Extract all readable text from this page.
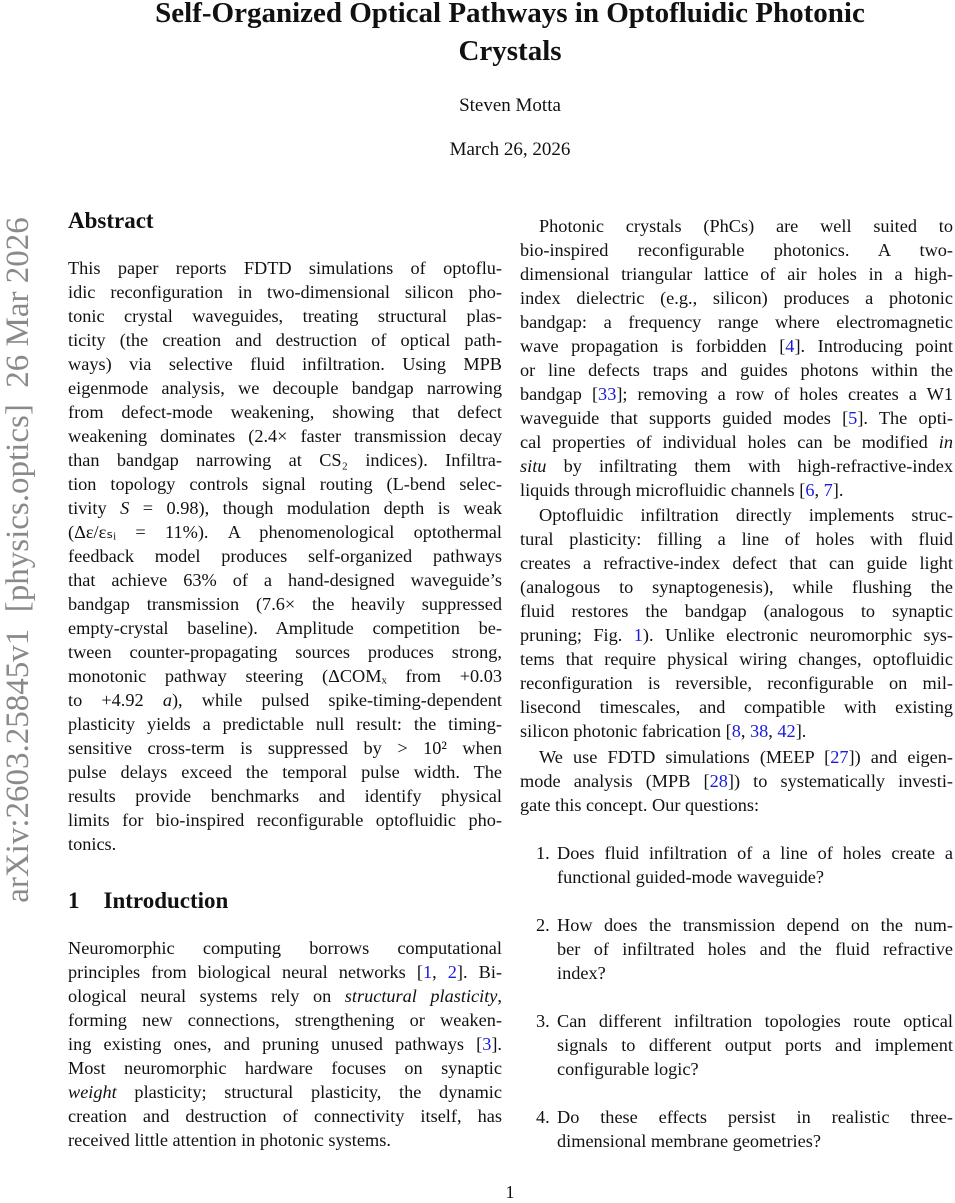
arXiv:2603.25845v1  [physics.optics]  26 Mar 2026
Self-Organized Optical Pathways in Optofluidic Photonic
Crystals
Steven Motta
March 26, 2026
Abstract
This paper reports FDTD simulations of optoflu-
idic reconfiguration in two-dimensional silicon pho-
tonic crystal waveguides, treating structural plas-
ticity (the creation and destruction of optical path-
ways) via selective fluid infiltration. Using MPB
eigenmode analysis, we decouple bandgap narrowing
from defect-mode weakening, showing that defect
weakening dominates (2.4× faster transmission decay
than bandgap narrowing at CS₂ indices). Infiltra-
tion topology controls signal routing (L-bend selec-
tivity S = 0.98), though modulation depth is weak
(Δε/εₛᵢ = 11%). A phenomenological optothermal
feedback model produces self-organized pathways
that achieve 63% of a hand-designed waveguide’s
bandgap transmission (7.6× the heavily suppressed
empty-crystal baseline). Amplitude competition be-
tween counter-propagating sources produces strong,
monotonic pathway steering (ΔCOMₓ from +0.03
to +4.92 a), while pulsed spike-timing-dependent
plasticity yields a predictable null result: the timing-
sensitive cross-term is suppressed by > 10² when
pulse delays exceed the temporal pulse width. The
results provide benchmarks and identify physical
limits for bio-inspired reconfigurable optofluidic pho-
tonics.
1 Introduction
Neuromorphic computing borrows computational
principles from biological neural networks [1, 2]. Bi-
ological neural systems rely on structural plasticity,
forming new connections, strengthening or weaken-
ing existing ones, and pruning unused pathways [3].
Most neuromorphic hardware focuses on synaptic
weight plasticity; structural plasticity, the dynamic
creation and destruction of connectivity itself, has
received little attention in photonic systems.
Photonic crystals (PhCs) are well suited to
bio-inspired reconfigurable photonics. A two-
dimensional triangular lattice of air holes in a high-
index dielectric (e.g., silicon) produces a photonic
bandgap: a frequency range where electromagnetic
wave propagation is forbidden [4]. Introducing point
or line defects traps and guides photons within the
bandgap [33]; removing a row of holes creates a W1
waveguide that supports guided modes [5]. The opti-
cal properties of individual holes can be modified in
situ by infiltrating them with high-refractive-index
liquids through microfluidic channels [6, 7].
Optofluidic infiltration directly implements struc-
tural plasticity: filling a line of holes with fluid
creates a refractive-index defect that can guide light
(analogous to synaptogenesis), while flushing the
fluid restores the bandgap (analogous to synaptic
pruning; Fig. 1). Unlike electronic neuromorphic sys-
tems that require physical wiring changes, optofluidic
reconfiguration is reversible, reconfigurable on mil-
lisecond timescales, and compatible with existing
silicon photonic fabrication [8, 38, 42].
We use FDTD simulations (MEEP [27]) and eigen-
mode analysis (MPB [28]) to systematically investi-
gate this concept. Our questions:
1. Does fluid infiltration of a line of holes create a
functional guided-mode waveguide?
2. How does the transmission depend on the num-
ber of infiltrated holes and the fluid refractive
index?
3. Can different infiltration topologies route optical
signals to different output ports and implement
configurable logic?
4. Do these effects persist in realistic three-
dimensional membrane geometries?
1
